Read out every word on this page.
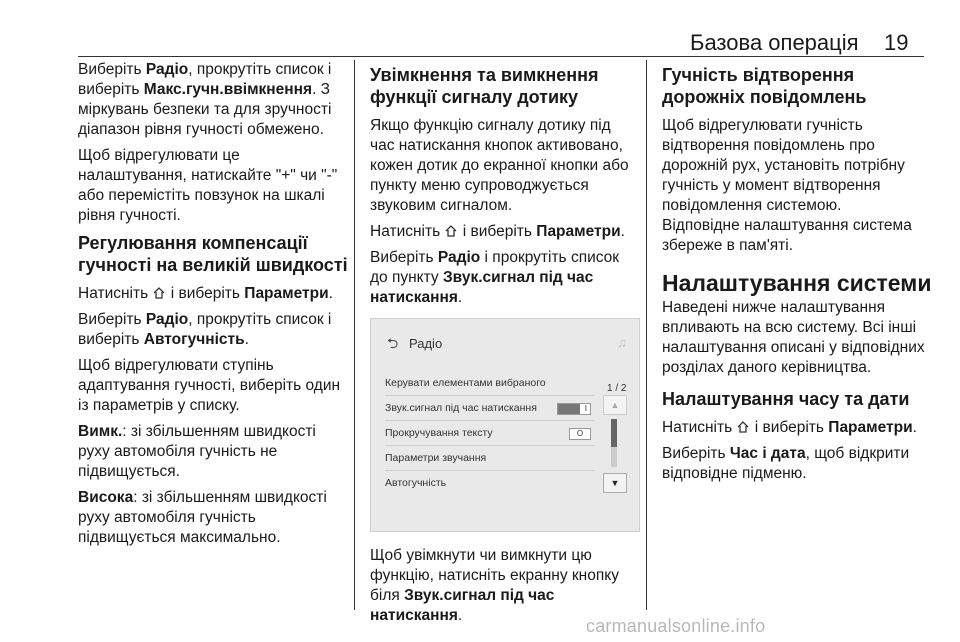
Базова операція 19

Виберіть Радіо, прокрутіть список і виберіть Макс.гучн.ввімкнення. З міркувань безпеки та для зручності діапазон рівня гучності обмежено.

Щоб відрегулювати це налаштування, натискайте "+" чи "-" або перемістіть повзунок на шкалі рівня гучності.

Регулювання компенсації гучності на великій швидкості

Натисніть  і виберіть Параметри.

Виберіть Радіо, прокрутіть список і виберіть Автогучність.

Щоб відрегулювати ступінь адаптування гучності, виберіть один із параметрів у списку.

Вимк.: зі збільшенням швидкості руху автомобіля гучність не підвищується.

Висока: зі збільшенням швидкості руху автомобіля гучність підвищується максимально.

Увімкнення та вимкнення функції сигналу дотику

Якщо функцію сигналу дотику під час натискання кнопок активовано, кожен дотик до екранної кнопки або пункту меню супроводжується звуковим сигналом.

Натисніть  і виберіть Параметри.

Виберіть Радіо і прокрутіть список до пункту Звук.сигнал під час натискання.

⮌ Радіо	♫
Керувати елементами вибраного
Звук.сигнал під час натискання	I
Прокручування тексту	O
Параметри звучання
Автогучність
1 / 2
▲
▼

Щоб увімкнути чи вимкнути цю функцію, натисніть екранну кнопку біля Звук.сигнал під час натискання.

Гучність відтворення дорожніх повідомлень

Щоб відрегулювати гучність відтворення повідомлень про дорожній рух, установіть потрібну гучність у момент відтворення повідомлення системою.

Відповідне налаштування система збереже в пам'яті.

Налаштування системи

Наведені нижче налаштування впливають на всю систему. Всі інші налаштування описані у відповідних розділах даного керівництва.

Налаштування часу та дати

Натисніть  і виберіть Параметри.

Виберіть Час і дата, щоб відкрити відповідне підменю.

carmanualsonline.info
